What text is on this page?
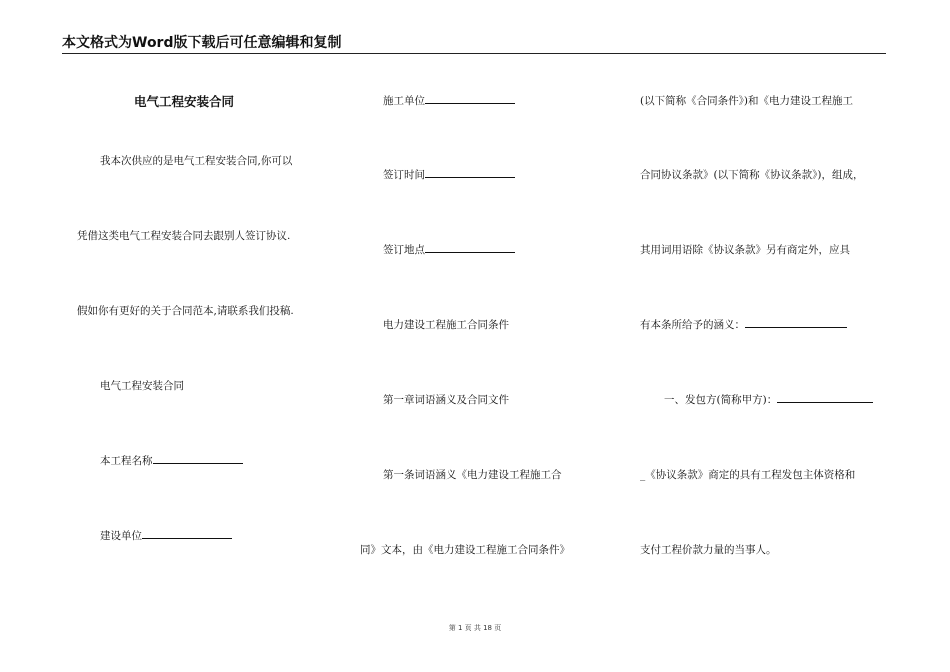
本文格式为Word版下载后可任意编辑和复制
电气工程安装合同
我本次供应的是电气工程安装合同,你可以
凭借这类电气工程安装合同去跟别人签订协议.
假如你有更好的关于合同范本,请联系我们投稿.
电气工程安装合同
本工程名称
建设单位
施工单位
签订时间
签订地点
电力建设工程施工合同条件
第一章词语涵义及合同文件
第一条词语涵义《电力建设工程施工合
同》文本，由《电力建设工程施工合同条件》
(以下简称《合同条件》)和《电力建设工程施工
合同协议条款》(以下简称《协议条款》)，组成，
其用词用语除《协议条款》另有商定外，应具
有本条所给予的涵义：
一、发包方(简称甲方)：
_《协议条款》商定的具有工程发包主体资格和
支付工程价款力量的当事人。
第 1 页 共 18 页
